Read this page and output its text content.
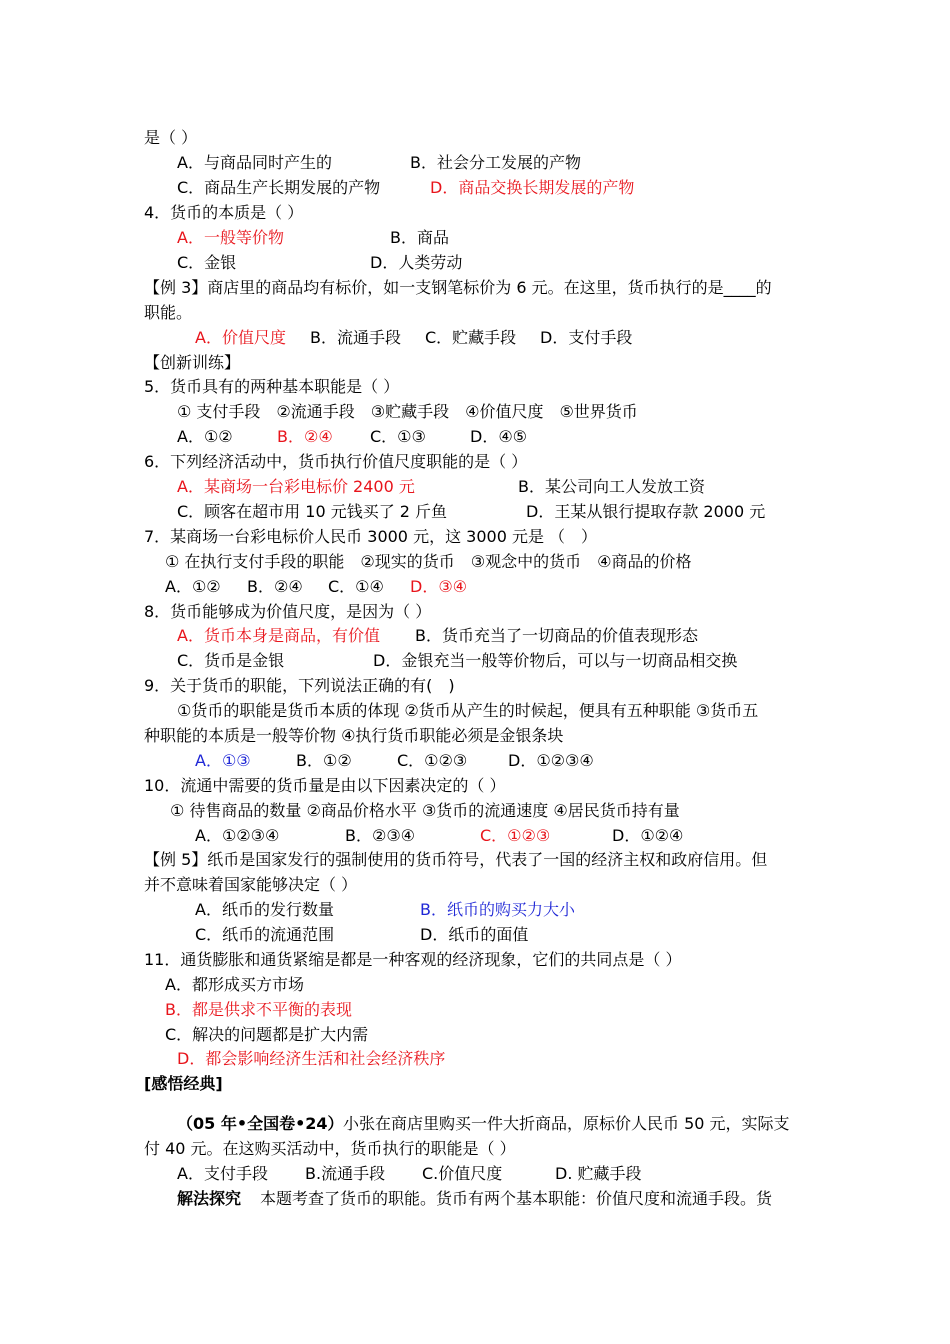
是（ ）
A．与商品同时产生的	B．社会分工发展的产物
C．商品生产长期发展的产物	D．商品交换长期发展的产物
4．货币的本质是（ ）
A．一般等价物	B．商品
C．金银	D．人类劳动
【例 3】商店里的商品均有标价，如一支钢笔标价为 6 元。在这里，货币执行的是____的
职能。
A．价值尺度 B．流通手段 C．贮藏手段 D．支付手段
【创新训练】
5．货币具有的两种基本职能是（ ）
① 支付手段　②流通手段　③贮藏手段　④价值尺度　⑤世界货币
A．①②	B．②④ C．①③	D．④⑤
6．下列经济活动中，货币执行价值尺度职能的是（ ）
A．某商场一台彩电标价 2400 元	B．某公司向工人发放工资
C．顾客在超市用 10 元钱买了 2 斤鱼	D．王某从银行提取存款 2000 元
7．某商场一台彩电标价人民币 3000 元，这 3000 元是 （　）
① 在执行支付手段的职能　②现实的货币　③观念中的货币　④商品的价格
A．①② B．②④ C．①④ D．③④
8．货币能够成为价值尺度，是因为（ ）
A．货币本身是商品，有价值 B．货币充当了一切商品的价值表现形态
C．货币是金银	D．金银充当一般等价物后，可以与一切商品相交换
9．关于货币的职能，下列说法正确的有(　)
①货币的职能是货币本质的体现 ②货币从产生的时候起，便具有五种职能 ③货币五
种职能的本质是一般等价物 ④执行货币职能必须是金银条块
A．①③	B．①②	C．①②③	D．①②③④
10．流通中需要的货币量是由以下因素决定的（ ）
① 待售商品的数量 ②商品价格水平 ③货币的流通速度 ④居民货币持有量
A．①②③④	B．②③④	C．①②③	D．①②④
【例 5】纸币是国家发行的强制使用的货币符号，代表了一国的经济主权和政府信用。但
并不意味着国家能够决定（ ）
A．纸币的发行数量	B．纸币的购买力大小
C．纸币的流通范围	D．纸币的面值
11．通货膨胀和通货紧缩是都是一种客观的经济现象，它们的共同点是（ ）
A．都形成买方市场
B．都是供求不平衡的表现
C．解决的问题都是扩大内需
D．都会影响经济生活和社会经济秩序
[感悟经典]
（05 年•全国卷•24） 小张在商店里购买一件大折商品，原标价人民币 50 元，实际支
付 40 元。在这购买活动中，货币执行的职能是（ ）
A．支付手段 B.流通手段 C.价值尺度	D. 贮藏手段
解法探究 本题考查了货币的职能。货币有两个基本职能：价值尺度和流通手段。货
